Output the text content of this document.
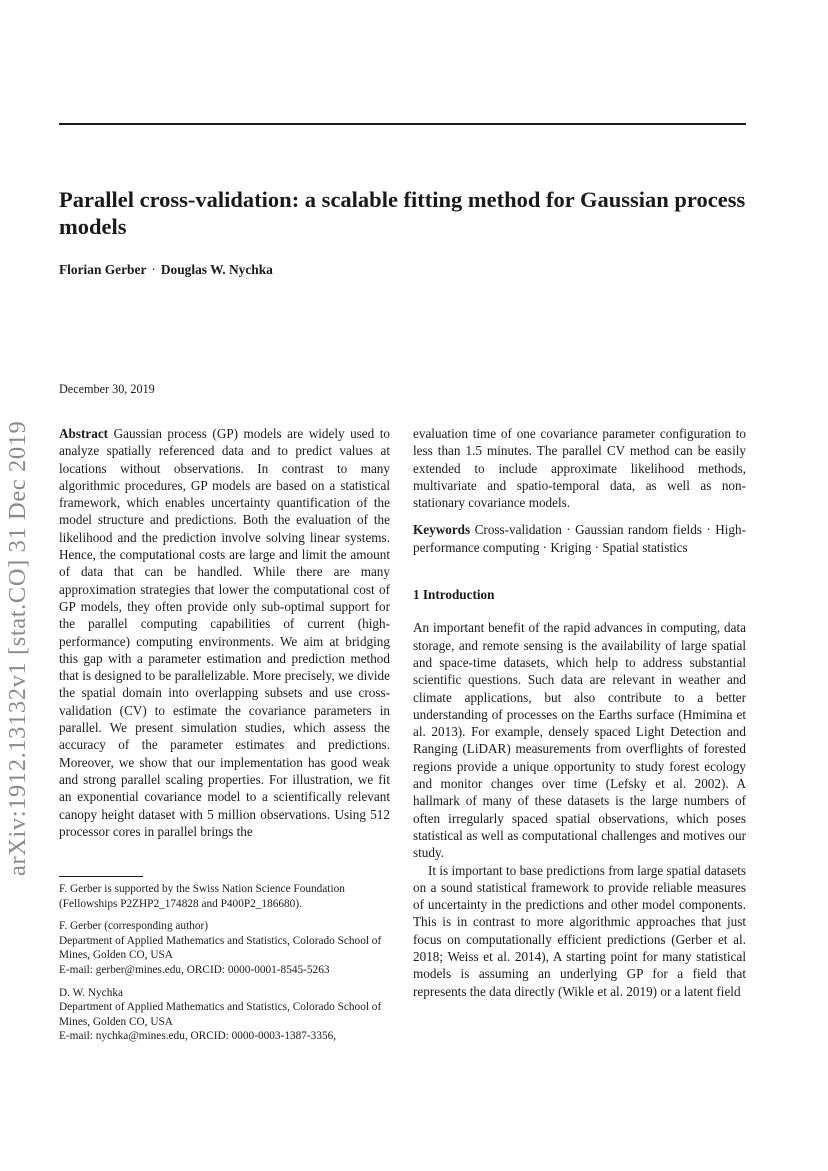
Parallel cross-validation: a scalable fitting method for Gaussian process models
Florian Gerber · Douglas W. Nychka
December 30, 2019
arXiv:1912.13132v1 [stat.CO] 31 Dec 2019 Abstract Gaussian process (GP) models are widely used to analyze spatially referenced data and to predict values at locations without observations. In contrast to many algorithmic procedures, GP models are based on a statistical framework, which enables uncertainty quantification of the model structure and predictions. Both the evaluation of the likelihood and the prediction involve solving linear systems. Hence, the computational costs are large and limit the amount of data that can be handled. While there are many approximation strategies that lower the computational cost of GP models, they often provide only sub-optimal support for the parallel computing capabilities of current (high-performance) computing environments. We aim at bridging this gap with a parameter estimation and prediction method that is designed to be parallelizable. More precisely, we divide the spatial domain into overlapping subsets and use cross-validation (CV) to estimate the covariance parameters in parallel. We present simulation studies, which assess the accuracy of the parameter estimates and predictions. Moreover, we show that our implementation has good weak and strong parallel scaling properties. For illustration, we fit an exponential covariance model to a scientifically relevant canopy height dataset with 5 million observations. Using 512 processor cores in parallel brings the

F. Gerber is supported by the Swiss Nation Science Foundation (Fellowships P2ZHP2_174828 and P400P2_186680).
F. Gerber (corresponding author)
Department of Applied Mathematics and Statistics, Colorado School of Mines, Golden CO, USA
E-mail: gerber@mines.edu, ORCID: 0000-0001-8545-5263
D. W. Nychka
Department of Applied Mathematics and Statistics, Colorado School of Mines, Golden CO, USA
E-mail: nychka@mines.edu, ORCID: 0000-0003-1387-3356,

evaluation time of one covariance parameter configuration to less than 1.5 minutes. The parallel CV method can be easily extended to include approximate likelihood methods, multivariate and spatio-temporal data, as well as non-stationary covariance models.

Keywords Cross-validation · Gaussian random fields · High-performance computing · Kriging · Spatial statistics

1 Introduction

An important benefit of the rapid advances in computing, data storage, and remote sensing is the availability of large spatial and space-time datasets, which help to address substantial scientific questions. Such data are relevant in weather and climate applications, but also contribute to a better understanding of processes on the Earths surface (Hmimina et al. 2013). For example, densely spaced Light Detection and Ranging (LiDAR) measurements from overflights of forested regions provide a unique opportunity to study forest ecology and monitor changes over time (Lefsky et al. 2002). A hallmark of many of these datasets is the large numbers of often irregularly spaced spatial observations, which poses statistical as well as computational challenges and motives our study.

It is important to base predictions from large spatial datasets on a sound statistical framework to provide reliable measures of uncertainty in the predictions and other model components. This is in contrast to more algorithmic approaches that just focus on computationally efficient predictions (Gerber et al. 2018; Weiss et al. 2014), A starting point for many statistical models is assuming an underlying GP for a field that represents the data directly (Wikle et al. 2019) or a latent field
